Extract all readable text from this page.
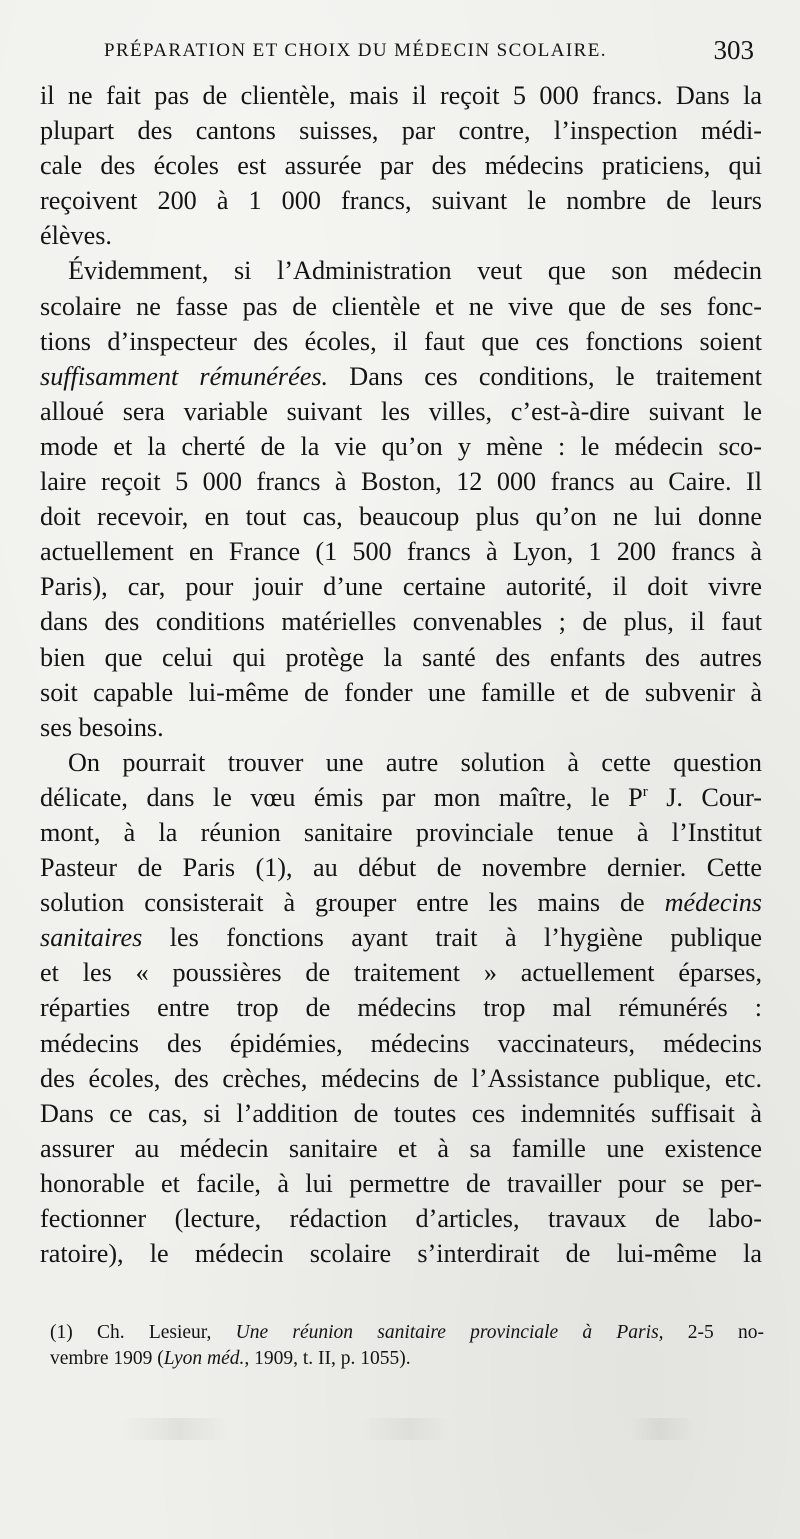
PRÉPARATION ET CHOIX DU MÉDECIN SCOLAIRE.	303
il ne fait pas de clientèle, mais il reçoit 5 000 francs. Dans la
plupart des cantons suisses, par contre, l’inspection médi-
cale des écoles est assurée par des médecins praticiens, qui
reçoivent 200 à 1 000 francs, suivant le nombre de leurs
élèves.
Évidemment, si l’Administration veut que son médecin
scolaire ne fasse pas de clientèle et ne vive que de ses fonc-
tions d’inspecteur des écoles, il faut que ces fonctions soient
suffisamment rémunérées. Dans ces conditions, le traitement
alloué sera variable suivant les villes, c’est-à-dire suivant le
mode et la cherté de la vie qu’on y mène : le médecin sco-
laire reçoit 5 000 francs à Boston, 12 000 francs au Caire. Il
doit recevoir, en tout cas, beaucoup plus qu’on ne lui donne
actuellement en France (1 500 francs à Lyon, 1 200 francs à
Paris), car, pour jouir d’une certaine autorité, il doit vivre
dans des conditions matérielles convenables ; de plus, il faut
bien que celui qui protège la santé des enfants des autres
soit capable lui-même de fonder une famille et de subvenir à
ses besoins.
On pourrait trouver une autre solution à cette question
délicate, dans le vœu émis par mon maître, le $P^r$ J. Cour-
mont, à la réunion sanitaire provinciale tenue à l’Institut
Pasteur de Paris (1), au début de novembre dernier. Cette
solution consisterait à grouper entre les mains de médecins
sanitaires les fonctions ayant trait à l’hygiène publique
et les « poussières de traitement » actuellement éparses,
réparties entre trop de médecins trop mal rémunérés :
médecins des épidémies, médecins vaccinateurs, médecins
des écoles, des crèches, médecins de l’Assistance publique, etc.
Dans ce cas, si l’addition de toutes ces indemnités suffisait à
assurer au médecin sanitaire et à sa famille une existence
honorable et facile, à lui permettre de travailler pour se per-
fectionner (lecture, rédaction d’articles, travaux de labo-
ratoire), le médecin scolaire s’interdirait de lui-même la
(1) Ch. Lesieur, Une réunion sanitaire provinciale à Paris, 2-5 no-
vembre 1909 (Lyon méd., 1909, t. II, p. 1055).
